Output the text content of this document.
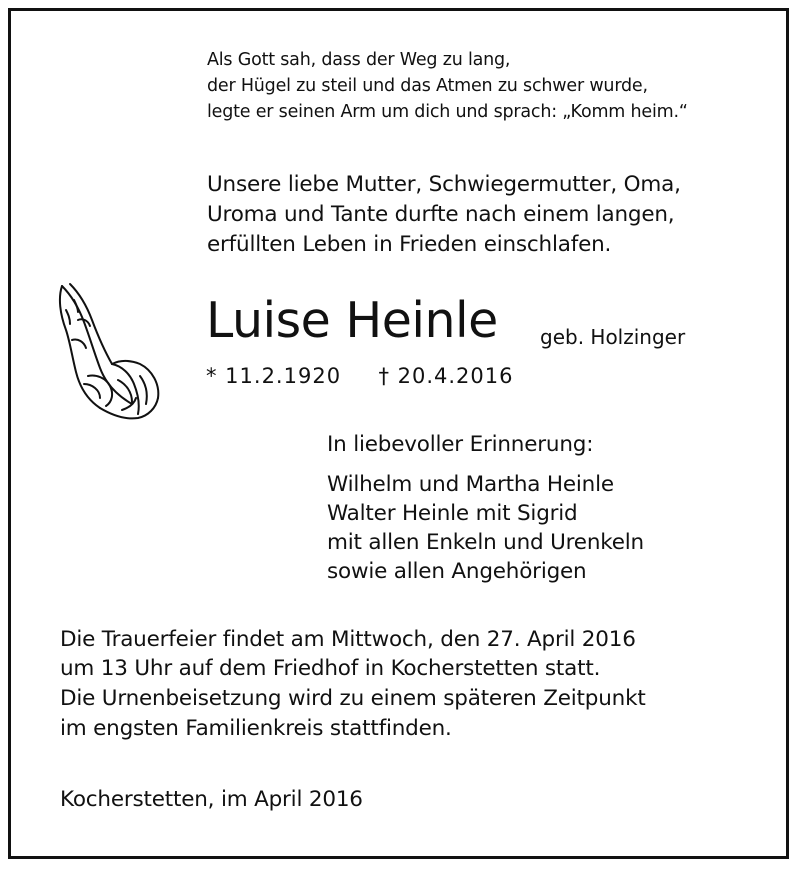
Als Gott sah, dass der Weg zu lang,
der Hügel zu steil und das Atmen zu schwer wurde,
legte er seinen Arm um dich und sprach: „Komm heim.“
Unsere liebe Mutter, Schwiegermutter, Oma,
Uroma und Tante durfte nach einem langen,
erfüllten Leben in Frieden einschlafen.
Luise Heinle geb. Holzinger
* 11.2.1920 † 20.4.2016
In liebevoller Erinnerung:
Wilhelm und Martha Heinle
Walter Heinle mit Sigrid
mit allen Enkeln und Urenkeln
sowie allen Angehörigen
Die Trauerfeier findet am Mittwoch, den 27. April 2016
um 13 Uhr auf dem Friedhof in Kocherstetten statt.
Die Urnenbeisetzung wird zu einem späteren Zeitpunkt
im engsten Familienkreis stattfinden.
Kocherstetten, im April 2016
